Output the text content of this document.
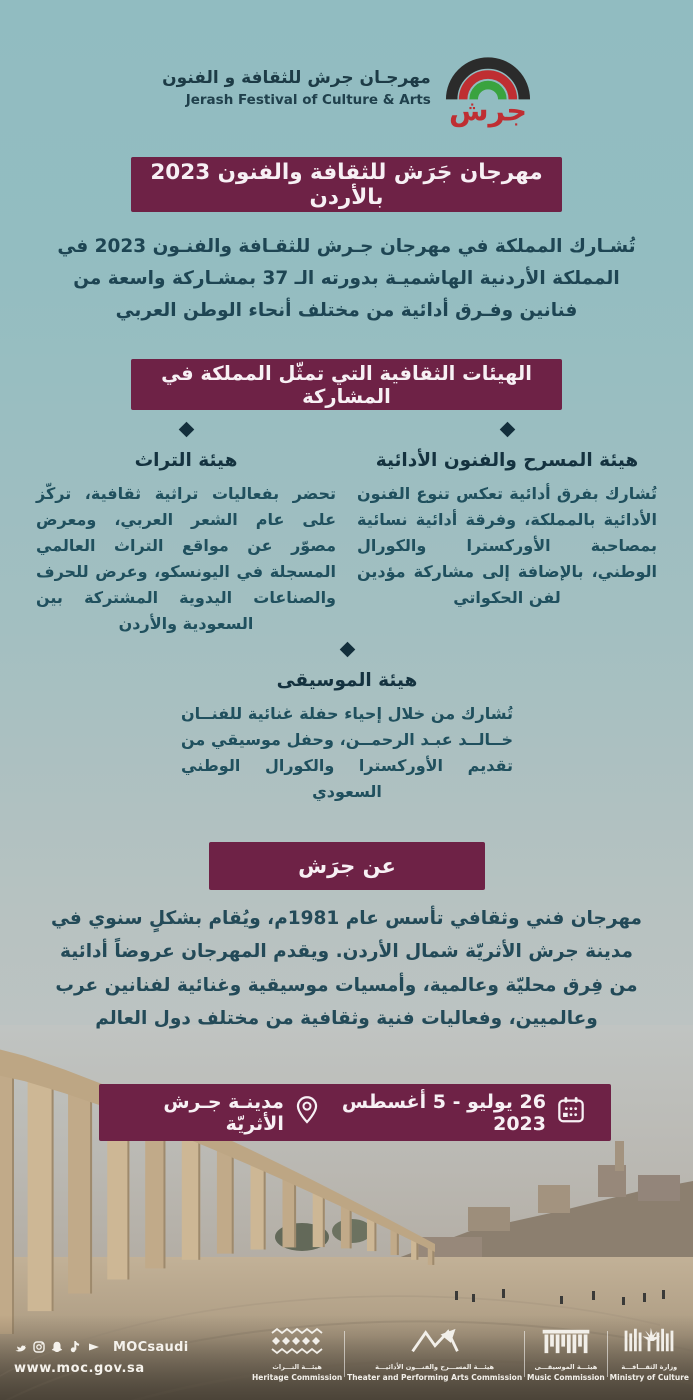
مهرجـان جرش للثقافة و الفنون
Jerash Festival of Culture & Arts جرش
مهرجان جَرَش للثقافة والفنون 2023 بالأردن
تُشـارك المملكة في مهرجان جـرش للثقـافة والفنـون 2023 في المملكة الأردنية الهاشميـة بدورته الـ 37 بمشـاركة واسعة من فنانين وفـرق أدائية من مختلف أنحاء الوطن العربي
الهيئات الثقافية التي تمثّل المملكة في المشاركة
هيئة المسرح والفنون الأدائية

تُشارك بفرق أدائية تعكس تنوع الفنون الأدائية بالمملكة، وفرقة أدائية نسائية بمصاحبة الأوركسترا والكورال الوطني، بالإضافة إلى مشاركة مؤدين لفن الحكواتي

هيئة التراث

تحضر بفعاليات تراثية ثقافية، تركّز على عام الشعر العربي، ومعرض مصوّر عن مواقع التراث العالمي المسجلة في اليونسكو، وعرض للحرف والصناعات اليدوية المشتركة بين السعودية والأردن

هيئة الموسيقى

تُشارك من خلال إحياء حفلة غنائية للفنــان خــالــد عبـد الرحمــن، وحفل موسيقي من تقديم الأوركسترا والكورال الوطني السعودي

عن جرَش
مهرجان فني وثقافي تأسس عام 1981م، ويُقام بشكلٍ سنوي في مدينة جرش الأثريّة شمال الأردن. ويقدم المهرجان عروضاً أدائية من فِرق محليّة وعالمية، وأمسيات موسيقية وغنائية لفنانين عرب وعالميين، وفعاليات فنية وثقافية من مختلف دول العالم
26 يوليو - 5 أغسطس 2023
مدينـة جـرش الأثريّة
MOCsaudi
www.moc.gov.sa	هيئـــة التـــراث
Heritage Commission
هيئـــة المســـرح والفنـــون الأدائيـــة
Theater and Performing Arts Commission
هيئـــة الموسيقـــى
Music Commission
وزارة الثقـــافـــة
Ministry of Culture
